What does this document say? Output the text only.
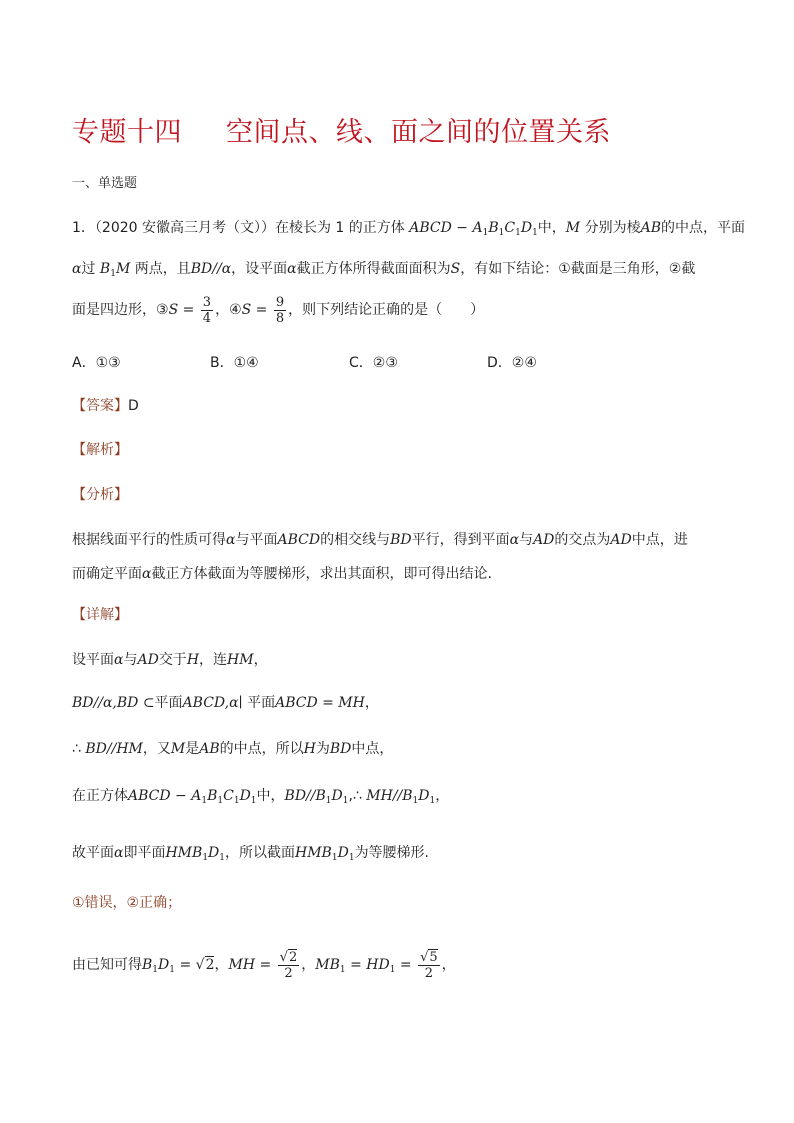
专题十四 空间点、线、面之间的位置关系
一、单选题
1．（2020 安徽高三月考（文））在棱长为 1 的正方体 ABCD − $A_1B_1C_1D_1$中，M 分别为棱AB的中点，平面
α过 $B_1M$ 两点，且BD//α，设平面α截正方体所得截面面积为S，有如下结论：①截面是三角形，②截
面是四边形，③S = $\frac{3}{4}$ ，④S = $\frac{9}{8}$ ，则下列结论正确的是（　　）
A．①③	B．①④	C．②③	D．②④
【答案】D
【解析】
【分析】
根据线面平行的性质可得α与平面ABCD的相交线与BD平行，得到平面α与AD的交点为AD中点，进
而确定平面α截正方体截面为等腰梯形，求出其面积，即可得出结论.
【详解】
设平面α与AD交于H，连HM，
BD//α,BD ⊂平面ABCD,α∣ 平面ABCD = MH，
∴ BD//HM，又M是AB的中点，所以H为BD中点，
在正方体ABCD − $A_1B_1C_1D_1$中，$BD//B_1D_1,\therefore$ $MH//B_1D_1$，
故平面α即平面$HMB_1D_1$，所以截面$HMB_1D_1$为等腰梯形.
①错误，②正确；
由已知可得$B_1D_1 = √2$，MH = $\frac{√2}{2}$ ，$MB_1 = HD_1 = \frac{√5}{2}$ ，
